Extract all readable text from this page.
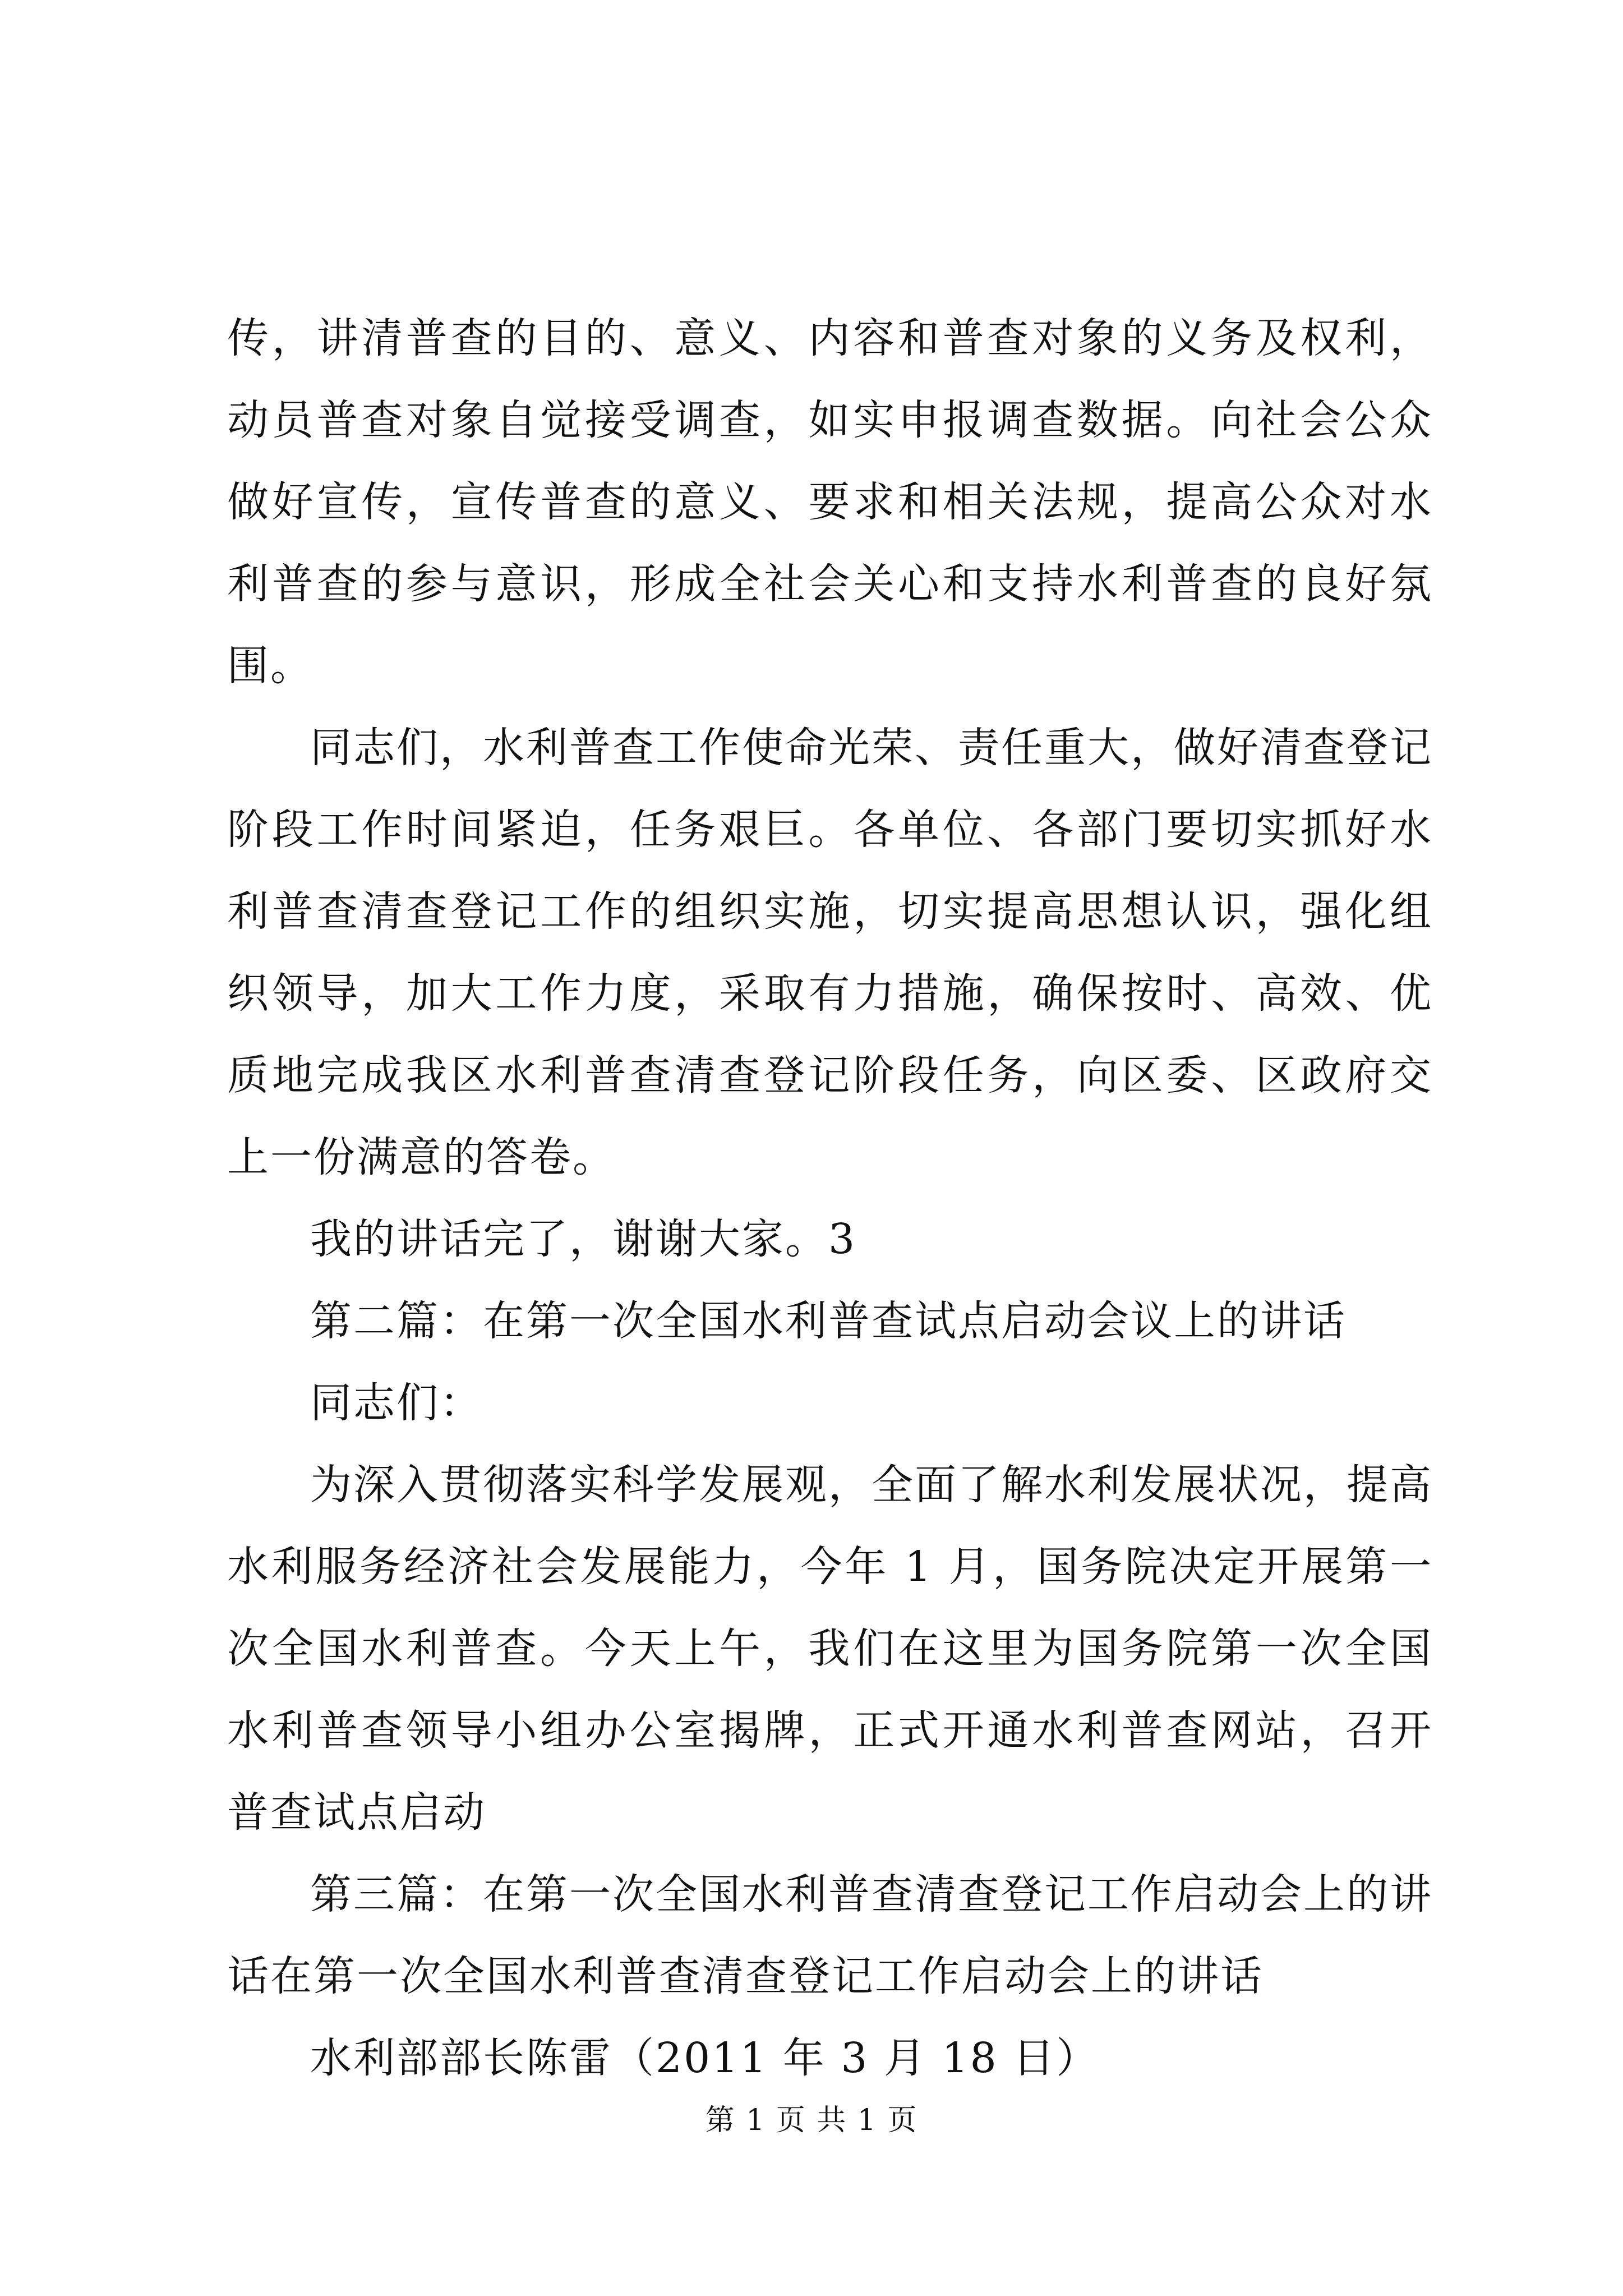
传，讲清普查的目的、意义、内容和普查对象的义务及权利，动员普查对象自觉接受调查，如实申报调查数据。向社会公众做好宣传，宣传普查的意义、要求和相关法规，提高公众对水利普查的参与意识，形成全社会关心和支持水利普查的良好氛围。

同志们，水利普查工作使命光荣、责任重大，做好清查登记阶段工作时间紧迫，任务艰巨。各单位、各部门要切实抓好水利普查清查登记工作的组织实施，切实提高思想认识，强化组织领导，加大工作力度，采取有力措施，确保按时、高效、优质地完成我区水利普查清查登记阶段任务，向区委、区政府交上一份满意的答卷。

我的讲话完了，谢谢大家。3

第二篇：在第一次全国水利普查试点启动会议上的讲话

同志们：

为深入贯彻落实科学发展观，全面了解水利发展状况，提高水利服务经济社会发展能力，今年 1 月，国务院决定开展第一次全国水利普查。今天上午，我们在这里为国务院第一次全国水利普查领导小组办公室揭牌，正式开通水利普查网站，召开普查试点启动

第三篇：在第一次全国水利普查清查登记工作启动会上的讲话在第一次全国水利普查清查登记工作启动会上的讲话

水利部部长陈雷（2011 年 3 月 18 日）

第 1 页 共 1 页
